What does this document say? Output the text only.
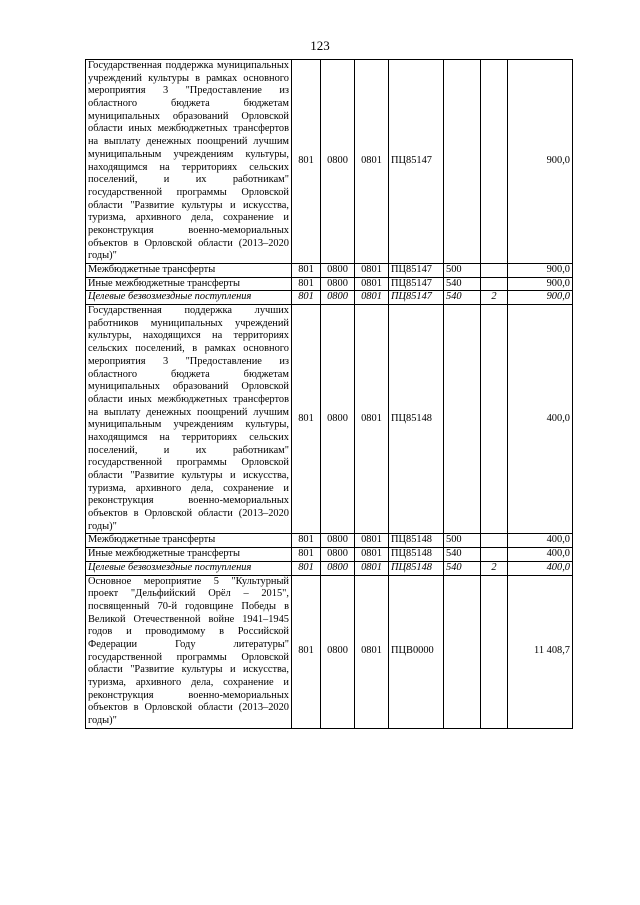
123
Государственная поддержка муниципальных учреждений культуры в рамках основного мероприятия 3 "Предоставление из областного бюджета бюджетам муниципальных образований Орловской области иных межбюджетных трансфертов на выплату денежных поощрений лучшим муниципальным учреждениям культуры, находящимся на территориях сельских поселений, и их работникам" государственной программы Орловской области "Развитие культуры и искусства, туризма, архивного дела, сохранение и реконструкция военно-мемориальных объектов в Орловской области (2013–2020 годы)"	801	0800	0801	ПЦ85147			900,0
Межбюджетные трансферты	801	0800	0801	ПЦ85147	500		900,0
Иные межбюджетные трансферты	801	0800	0801	ПЦ85147	540		900,0
Целевые безвозмездные поступления	801	0800	0801	ПЦ85147	540	2	900,0
Государственная поддержка лучших работников муниципальных учреждений культуры, находящихся на территориях сельских поселений, в рамках основного мероприятия 3 "Предоставление из областного бюджета бюджетам муниципальных образований Орловской области иных межбюджетных трансфертов на выплату денежных поощрений лучшим муниципальным учреждениям культуры, находящимся на территориях сельских поселений, и их работникам" государственной программы Орловской области "Развитие культуры и искусства, туризма, архивного дела, сохранение и реконструкция военно-мемориальных объектов в Орловской области (2013–2020 годы)"	801	0800	0801	ПЦ85148			400,0
Межбюджетные трансферты	801	0800	0801	ПЦ85148	500		400,0
Иные межбюджетные трансферты	801	0800	0801	ПЦ85148	540		400,0
Целевые безвозмездные поступления	801	0800	0801	ПЦ85148	540	2	400,0
Основное мероприятие 5 "Культурный проект "Дельфийский Орёл – 2015", посвященный 70-й годовщине Победы в Великой Отечественной войне 1941–1945 годов и проводимому в Российской Федерации Году литературы" государственной программы Орловской области "Развитие культуры и искусства, туризма, архивного дела, сохранение и реконструкция военно-мемориальных объектов в Орловской области (2013–2020 годы)"	801	0800	0801	ПЦВ0000			11 408,7
